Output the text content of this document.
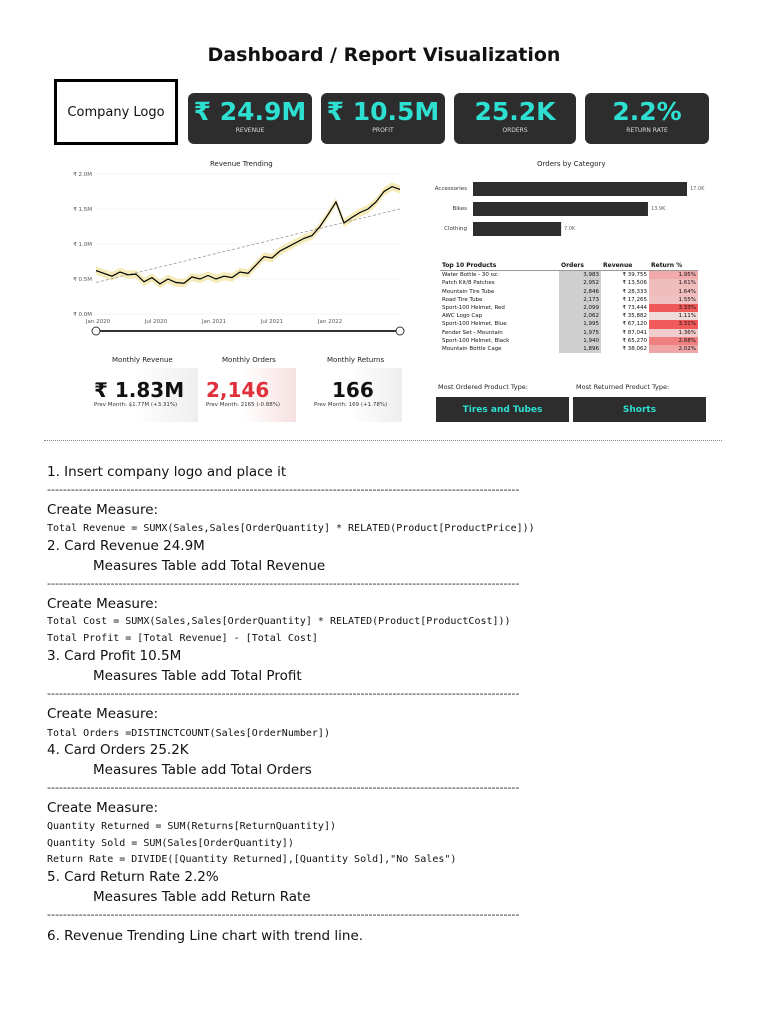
Dashboard / Report Visualization
Company Logo ₹ 24.9M
REVENUE
₹ 10.5M
PROFIT
25.2K
ORDERS
2.2%
RETURN RATE
Revenue Trending
₹ 2.0M
₹ 1.5M
₹ 1.0M
₹ 0.5M
₹ 0.0M
Jan 2020	Jul 2020	Jan 2021	Jul 2021	Jan 2022
Orders by Category
Accessories	17.0K
Bikes	13.9K
Clothing	7.0K
Top 10 Products	Orders	Revenue	Return %
Water Bottle - 30 oz.	3,983	₹ 39,755	1.95%
Patch Kit/8 Patches	2,952	₹ 13,506	1.61%
Mountain Tire Tube	2,846	₹ 28,333	1.64%
Road Tire Tube	2,173	₹ 17,265	1.55%
Sport-100 Helmet, Red	2,099	₹ 73,444	3.33%
AWC Logo Cap	2,062	₹ 35,882	1.11%
Sport-100 Helmet, Blue	1,995	₹ 67,120	3.31%
Fender Set - Mountain	1,975	₹ 87,041	1.36%
Sport-100 Helmet, Black	1,940	₹ 65,270	2.68%
Mountain Bottle Cage	1,896	₹ 38,062	2.02%
Monthly Revenue	Monthly Orders	Monthly Returns
₹ 1.83M
Prev Month: $1.77M (+3.31%)
2,146
Prev Month: 2165 (-0.88%)
166
Prev Month: 169 (+1.78%)
Most Ordered Product Type:	Most Returned Product Type:
Tires and Tubes	Shorts
1. Insert company logo and place it
-----------------------------------------------------------------------------------------------------------------------
Create Measure:
Total Revenue = SUMX(Sales,Sales[OrderQuantity] * RELATED(Product[ProductPrice]))
2. Card Revenue 24.9M
Measures Table add Total Revenue
-----------------------------------------------------------------------------------------------------------------------
Create Measure:
Total Cost = SUMX(Sales,Sales[OrderQuantity] * RELATED(Product[ProductCost]))
Total Profit = [Total Revenue] - [Total Cost]
3. Card Profit 10.5M
Measures Table add Total Profit
-----------------------------------------------------------------------------------------------------------------------
Create Measure:
Total Orders =DISTINCTCOUNT(Sales[OrderNumber])
4. Card Orders 25.2K
Measures Table add Total Orders
-----------------------------------------------------------------------------------------------------------------------
Create Measure:
Quantity Returned = SUM(Returns[ReturnQuantity])
Quantity Sold = SUM(Sales[OrderQuantity])
Return Rate = DIVIDE([Quantity Returned],[Quantity Sold],"No Sales")
5. Card Return Rate 2.2%
Measures Table add Return Rate
-----------------------------------------------------------------------------------------------------------------------
6. Revenue Trending Line chart with trend line.
